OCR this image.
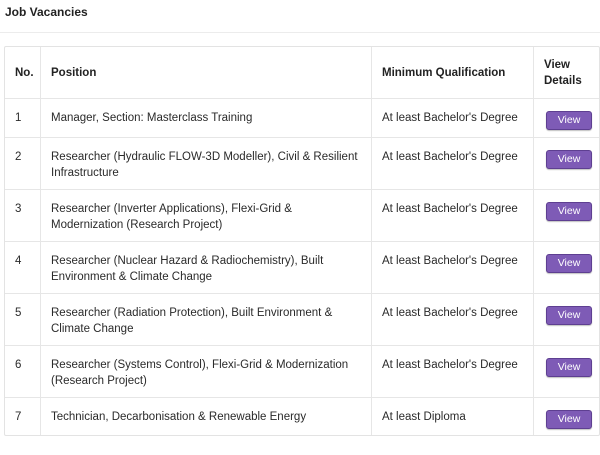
Job Vacancies
No.	Position	Minimum Qualification	View Details
1	Manager, Section: Masterclass Training	At least Bachelor's Degree	View
2	Researcher (Hydraulic FLOW-3D Modeller), Civil & Resilient Infrastructure	At least Bachelor's Degree	View
3	Researcher (Inverter Applications), Flexi-Grid & Modernization (Research Project)	At least Bachelor's Degree	View
4	Researcher (Nuclear Hazard & Radiochemistry), Built Environment & Climate Change	At least Bachelor's Degree	View
5	Researcher (Radiation Protection), Built Environment & Climate Change	At least Bachelor's Degree	View
6	Researcher (Systems Control), Flexi-Grid & Modernization (Research Project)	At least Bachelor's Degree	View
7	Technician, Decarbonisation & Renewable Energy	At least Diploma	View
